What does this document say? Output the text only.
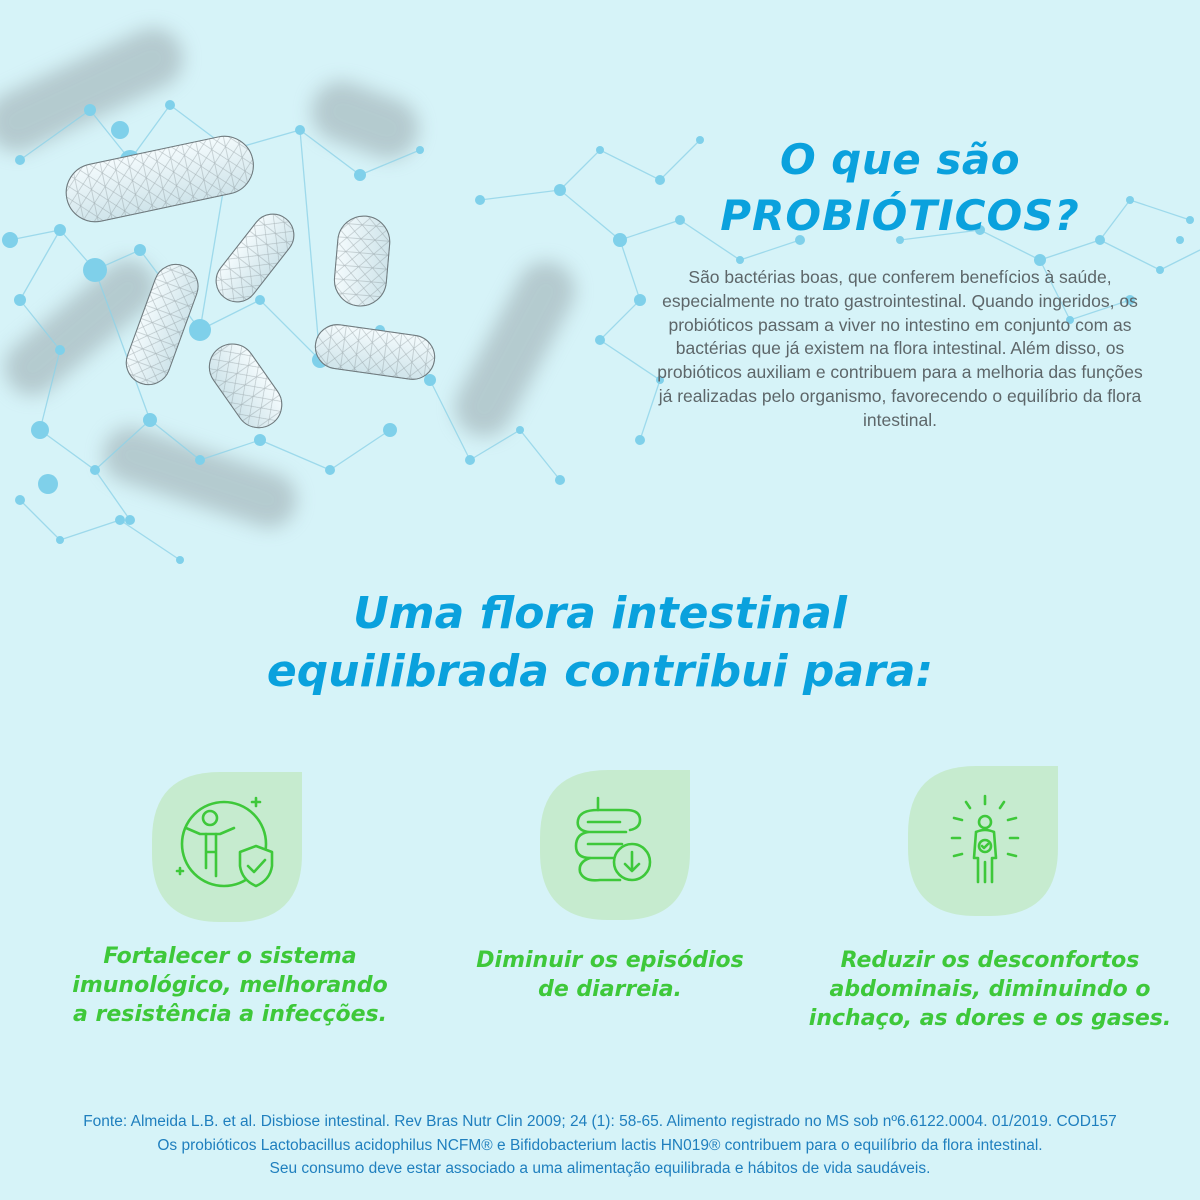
O que são
PROBIÓTICOS?
São bactérias boas, que conferem benefícios à saúde, especialmente no trato gastrointestinal. Quando ingeridos, os probióticos passam a viver no intestino em conjunto com as bactérias que já existem na flora intestinal. Além disso, os probióticos auxiliam e contribuem para a melhoria das funções já realizadas pelo organismo, favorecendo o equilíbrio da flora intestinal.
Uma flora intestinal
equilibrada contribui para:
Fortalecer o sistema
imunológico, melhorando
a resistência a infecções.
Diminuir os episódios
de diarreia.
Reduzir os desconfortos
abdominais, diminuindo o
inchaço, as dores e os gases.
Fonte: Almeida L.B. et al. Disbiose intestinal. Rev Bras Nutr Clin 2009; 24 (1): 58-65. Alimento registrado no MS sob nº6.6122.0004. 01/2019. COD157
Os probióticos Lactobacillus acidophilus NCFM® e Bifidobacterium lactis HN019® contribuem para o equilíbrio da flora intestinal.
Seu consumo deve estar associado a uma alimentação equilibrada e hábitos de vida saudáveis.
